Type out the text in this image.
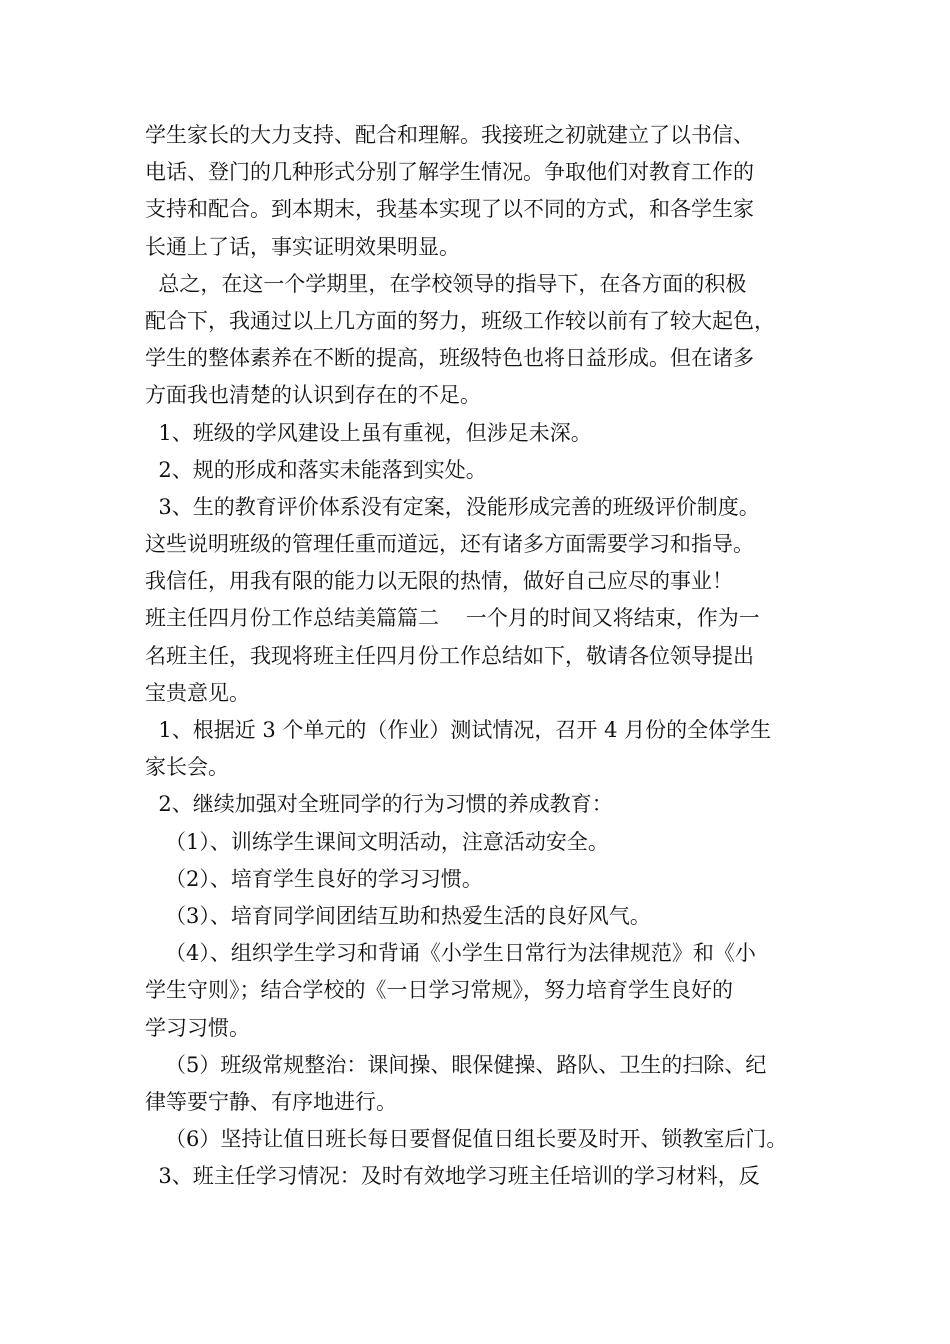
学生家长的大力支持、配合和理解。我接班之初就建立了以书信、
电话、登门的几种形式分别了解学生情况。争取他们对教育工作的
支持和配合。到本期末，我基本实现了以不同的方式，和各学生家
长通上了话，事实证明效果明显。
总之，在这一个学期里，在学校领导的指导下，在各方面的积极
配合下，我通过以上几方面的努力，班级工作较以前有了较大起色，
学生的整体素养在不断的提高，班级特色也将日益形成。但在诸多
方面我也清楚的认识到存在的不足。
1、班级的学风建设上虽有重视，但涉足未深。
2、规的形成和落实未能落到实处。
3、生的教育评价体系没有定案，没能形成完善的班级评价制度。
这些说明班级的管理任重而道远，还有诸多方面需要学习和指导。
我信任，用我有限的能力以无限的热情，做好自己应尽的事业！
班主任四月份工作总结美篇篇二    一个月的时间又将结束，作为一
名班主任，我现将班主任四月份工作总结如下，敬请各位领导提出
宝贵意见。
1、根据近 3 个单元的（作业）测试情况，召开 4 月份的全体学生
家长会。
2、继续加强对全班同学的行为习惯的养成教育：
（1）、训练学生课间文明活动，注意活动安全。
（2）、培育学生良好的学习习惯。
（3）、培育同学间团结互助和热爱生活的良好风气。
（4）、组织学生学习和背诵《小学生日常行为法律规范》和《小
学生守则》；结合学校的《一日学习常规》，努力培育学生良好的
学习习惯。
（5）班级常规整治：课间操、眼保健操、路队、卫生的扫除、纪
律等要宁静、有序地进行。
（6）坚持让值日班长每日要督促值日组长要及时开、锁教室后门。
3、班主任学习情况：及时有效地学习班主任培训的学习材料，反
